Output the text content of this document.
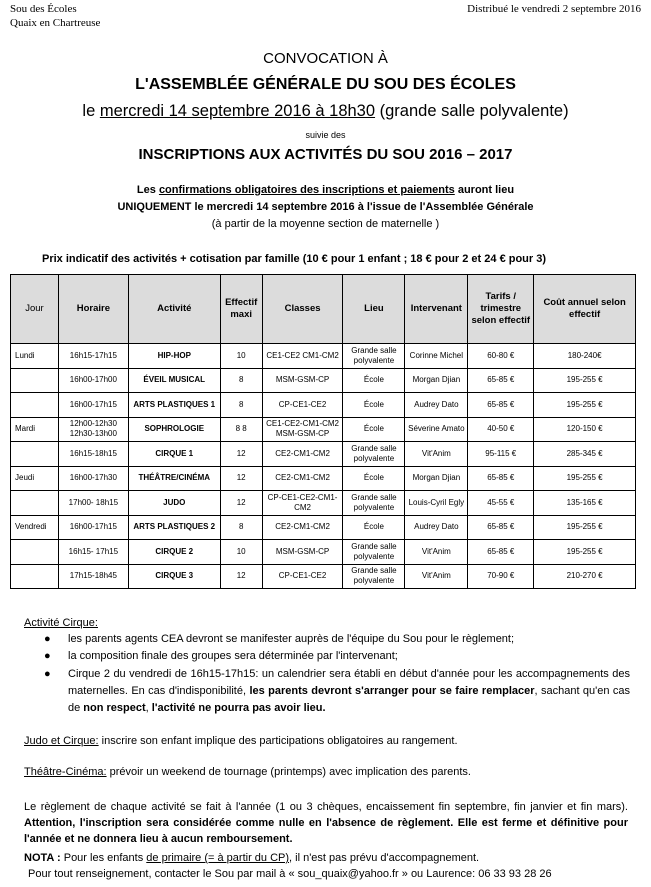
Sou des Écoles
Quaix en Chartreuse
Distribué le vendredi 2 septembre 2016
CONVOCATION À
L'ASSEMBLÉE GÉNÉRALE DU SOU DES ÉCOLES
le mercredi 14 septembre 2016 à 18h30 (grande salle polyvalente)
suivie des
INSCRIPTIONS AUX ACTIVITÉS DU SOU 2016 – 2017
Les confirmations obligatoires des inscriptions et paiements auront lieu
UNIQUEMENT le mercredi 14 septembre 2016 à l'issue de l'Assemblée Générale
(à partir de la moyenne section de maternelle )
Prix indicatif des activités + cotisation par famille (10 € pour 1 enfant ; 18 € pour 2 et 24 € pour 3)
Jour	Horaire	Activité	Effectif maxi	Classes	Lieu	Intervenant	Tarifs / trimestre selon effectif	Coût annuel selon effectif
Lundi	16h15-17h15	HIP-HOP	10	CE1-CE2 CM1-CM2	Grande salle polyvalente	Corinne Michel	60-80 €	180-240€
	16h00-17h00	ÉVEIL MUSICAL	8	MSM-GSM-CP	École	Morgan Djian	65-85 €	195-255 €
	16h00-17h15	ARTS PLASTIQUES 1	8	CP-CE1-CE2	École	Audrey Dato	65-85 €	195-255 €
Mardi	12h00-12h30 12h30-13h00	SOPHROLOGIE	8 8	CE1-CE2-CM1-CM2 MSM-GSM-CP	École	Séverine Amato	40-50 €	120-150 €
	16h15-18h15	CIRQUE 1	12	CE2-CM1-CM2	Grande salle polyvalente	Vit'Anim	95-115 €	285-345 €
Jeudi	16h00-17h30	THÉÂTRE/CINÉMA	12	CE2-CM1-CM2	École	Morgan Djian	65-85 €	195-255 €
	17h00- 18h15	JUDO	12	CP-CE1-CE2-CM1-CM2	Grande salle polyvalente	Louis-Cyril Egly	45-55 €	135-165 €
Vendredi	16h00-17h15	ARTS PLASTIQUES 2	8	CE2-CM1-CM2	École	Audrey Dato	65-85 €	195-255 €
	16h15- 17h15	CIRQUE 2	10	MSM-GSM-CP	Grande salle polyvalente	Vit'Anim	65-85 €	195-255 €
	17h15-18h45	CIRQUE 3	12	CP-CE1-CE2	Grande salle polyvalente	Vit'Anim	70-90 €	210-270 €
Activité Cirque:
● les parents agents CEA devront se manifester auprès de l'équipe du Sou pour le règlement;
● la composition finale des groupes sera déterminée par l'intervenant;
● Cirque 2 du vendredi de 16h15-17h15: un calendrier sera établi en début d'année pour les accompagnements des maternelles. En cas d'indisponibilité, les parents devront s'arranger pour se faire remplacer, sachant qu'en cas de non respect, l'activité ne pourra pas avoir lieu.
Judo et Cirque: inscrire son enfant implique des participations obligatoires au rangement.
Théâtre-Cinéma: prévoir un weekend de tournage (printemps) avec implication des parents.
Le règlement de chaque activité se fait à l'année (1 ou 3 chèques, encaissement fin septembre, fin janvier et fin mars). Attention, l'inscription sera considérée comme nulle en l'absence de règlement. Elle est ferme et définitive pour l'année et ne donnera lieu à aucun remboursement.
NOTA : Pour les enfants de primaire (= à partir du CP), il n'est pas prévu d'accompagnement.
Pour tout renseignement, contacter le Sou par mail à « sou_quaix@yahoo.fr » ou Laurence: 06 33 93 28 26
